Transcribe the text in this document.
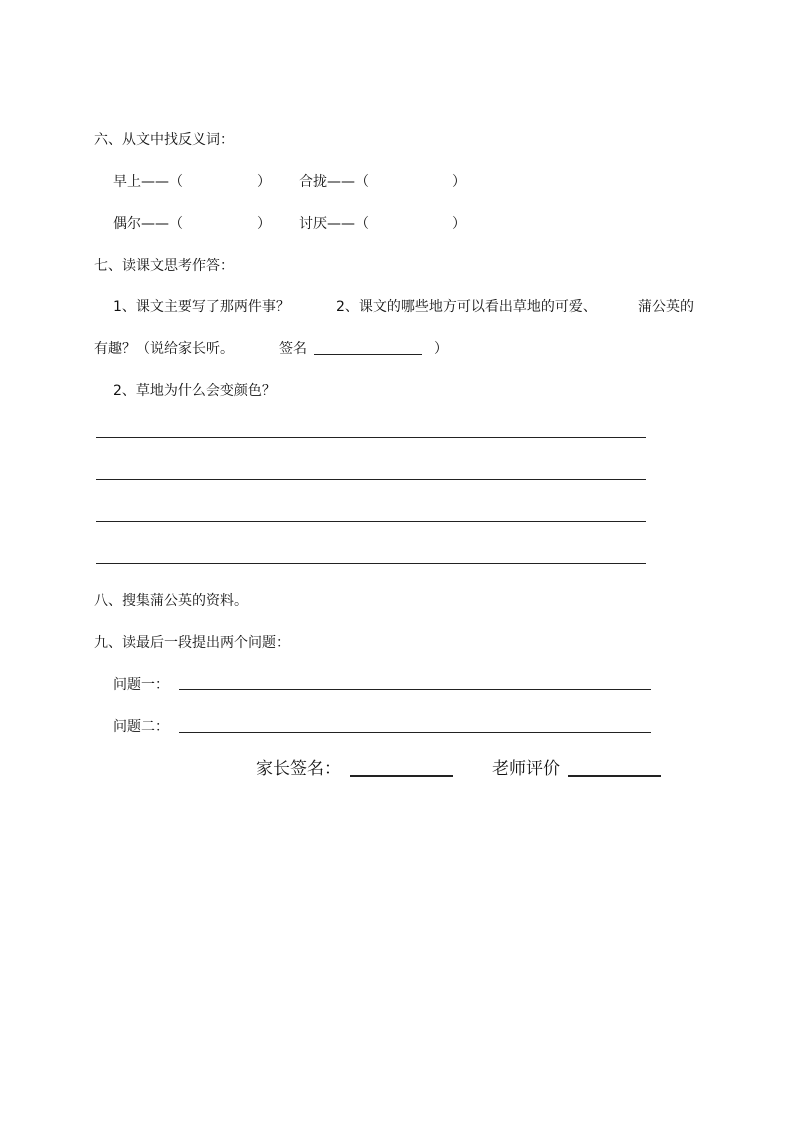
六、从文中找反义词：
早上——（	） 合拢——（	）
偶尔——（	） 讨厌——（	）
七、读课文思考作答：
1、课文主要写了那两件事？	2、课文的哪些地方可以看出草地的可爱、	蒲公英的
有趣？（说给家长听。	签名	）
2、草地为什么会变颜色？
八、搜集蒲公英的资料。
九、读最后一段提出两个问题：
问题一：
问题二：
家长签名：	老师评价
